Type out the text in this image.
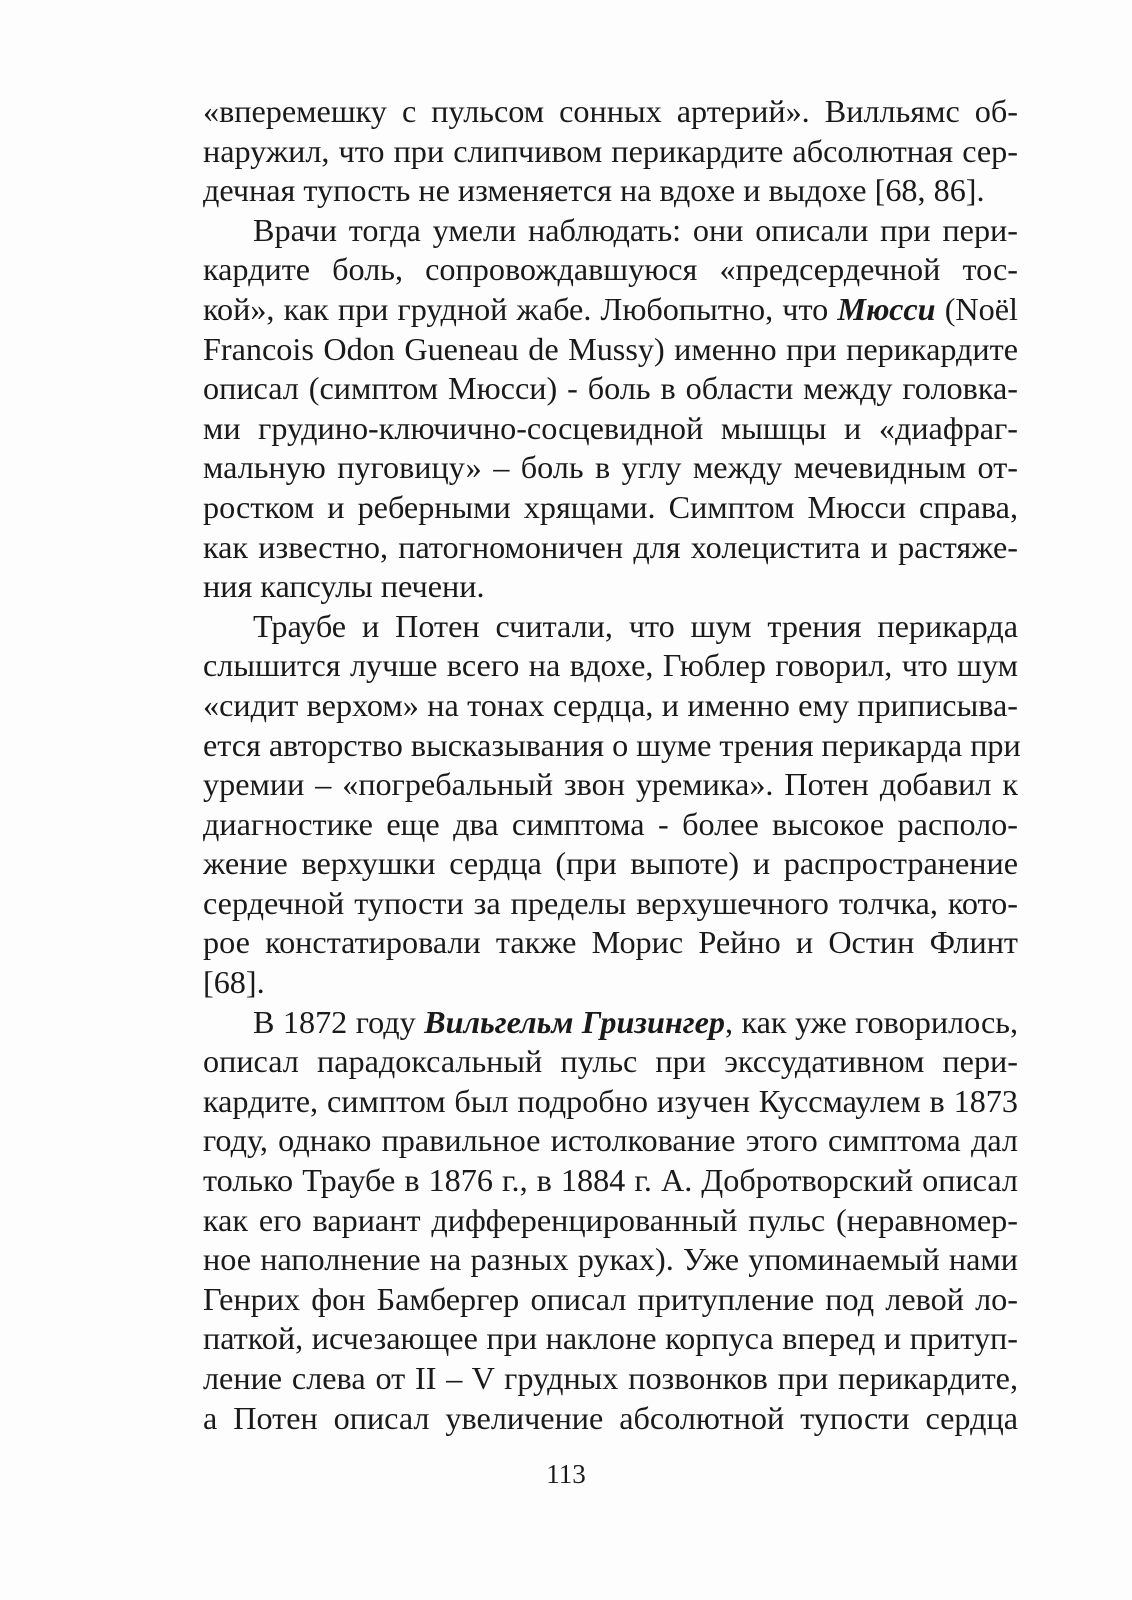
«вперемешку с пульсом сонных артерий». Вилльямс об-
наружил, что при слипчивом перикардите абсолютная сер-
дечная тупость не изменяется на вдохе и выдохе [68, 86].
Врачи тогда умели наблюдать: они описали при пери-
кардите боль, сопровождавшуюся «предсердечной тос-
кой», как при грудной жабе. Любопытно, что Мюсси (Noël
Francois Odon Gueneau de Mussy) именно при перикардите
описал (симптом Мюсси) - боль в области между головка-
ми грудино-ключично-сосцевидной мышцы и «диафраг-
мальную пуговицу» – боль в углу между мечевидным от-
ростком и реберными хрящами. Симптом Мюсси справа,
как известно, патогномоничен для холецистита и растяже-
ния капсулы печени.
Траубе и Потен считали, что шум трения перикарда
слышится лучше всего на вдохе, Гюблер говорил, что шум
«сидит верхом» на тонах сердца, и именно ему приписыва-
ется авторство высказывания о шуме трения перикарда при
уремии – «погребальный звон уремика». Потен добавил к
диагностике еще два симптома - более высокое располо-
жение верхушки сердца (при выпоте) и распространение
сердечной тупости за пределы верхушечного толчка, кото-
рое констатировали также Морис Рейно и Остин Флинт
[68].
В 1872 году Вильгельм Гризингер, как уже говорилось,
описал парадоксальный пульс при экссудативном пери-
кардите, симптом был подробно изучен Куссмаулем в 1873
году, однако правильное истолкование этого симптома дал
только Траубе в 1876 г., в 1884 г. А. Добротворский описал
как его вариант дифференцированный пульс (неравномер-
ное наполнение на разных руках). Уже упоминаемый нами
Генрих фон Бамбергер описал притупление под левой ло-
паткой, исчезающее при наклоне корпуса вперед и притуп-
ление слева от II – V грудных позвонков при перикардите,
а Потен описал увеличение абсолютной тупости сердца
113
